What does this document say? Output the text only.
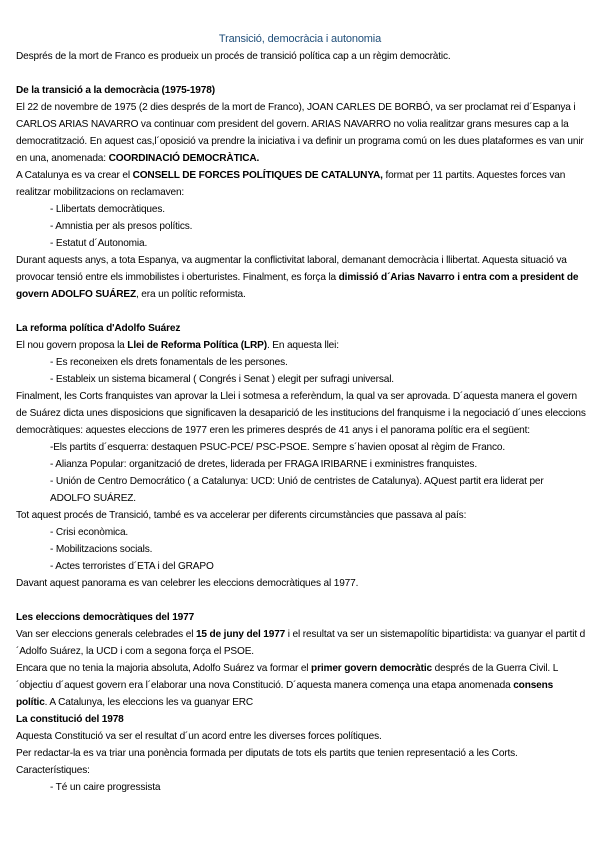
Transició, democràcia i autonomia

Després de la mort de Franco es produeix un procés de transició política cap a un règim democràtic.

De la transició a la democràcia (1975-1978)

El 22 de novembre de 1975 (2 dies després de la mort de Franco), JOAN CARLES DE BORBÓ, va ser proclamat rei d´Espanya i CARLOS ARIAS NAVARRO va continuar com president del govern. ARIAS NAVARRO no volia realitzar grans mesures cap a la democratització. En aquest cas,l´oposició va prendre la iniciativa i va definir un programa comú on les dues plataformes es van unir en una, anomenada: COORDINACIÓ DEMOCRÀTICA.

A Catalunya es va crear el CONSELL DE FORCES POLÍTIQUES DE CATALUNYA, format per 11 partits. Aquestes forces van realitzar mobilitzacions on reclamaven:

- Llibertats democràtiques.
- Amnistia per als presos polítics.
- Estatut d´Autonomia.

Durant aquests anys, a tota Espanya, va augmentar la conflictivitat laboral, demanant democràcia i llibertat. Aquesta situació va provocar tensió entre els immobilistes i oberturistes. Finalment, es força la dimissió d´Arias Navarro i entra com a president de govern ADOLFO SUÁREZ, era un polític reformista.

La reforma política d'Adolfo Suárez

El nou govern proposa la Llei de Reforma Política (LRP). En aquesta llei:

- Es reconeixen els drets fonamentals de les persones.
- Estableix un sistema bicameral ( Congrés i Senat ) elegit per sufragi universal.

Finalment, les Corts franquistes van aprovar la Llei i sotmesa a referèndum, la qual va ser aprovada. D´aquesta manera el govern de Suárez dicta unes disposicions que significaven la desaparició de les institucions del franquisme i la negociació d´unes eleccions democràtiques: aquestes eleccions de 1977 eren les primeres després de 41 anys i el panorama polític era el següent:

-Els partits d´esquerra: destaquen PSUC-PCE/ PSC-PSOE. Sempre s´havien oposat al règim de Franco.
- Alianza Popular: organització de dretes, liderada per FRAGA IRIBARNE i exministres franquistes.
- Unión de Centro Democrático ( a Catalunya: UCD: Unió de centristes de Catalunya). AQuest partit era liderat per ADOLFO SUÁREZ.

Tot aquest procés de Transició, també es va accelerar per diferents circumstàncies que passava al país:

- Crisi econòmica.
- Mobilitzacions socials.
- Actes terroristes d´ETA i del GRAPO

Davant aquest panorama es van celebrer les eleccions democràtiques al 1977.

Les eleccions democràtiques del 1977

Van ser eleccions generals celebrades el 15 de juny del 1977 i el resultat va ser un sistemapolític bipartidista: va guanyar el partit d´Adolfo Suárez, la UCD i com a segona força el PSOE.

Encara que no tenia la majoria absoluta, Adolfo Suárez va formar el primer govern democràtic després de la Guerra Civil. L´objectiu d´aquest govern era l´elaborar una nova Constitució. D´aquesta manera comença una etapa anomenada consens polític. A Catalunya, les eleccions les va guanyar ERC

La constitució del 1978

Aquesta Constitució va ser el resultat d´un acord entre les diverses forces polítiques.

Per redactar-la es va triar una ponència formada per diputats de tots els partits que tenien representació a les Corts.

Característiques:

- Té un caire progressista
